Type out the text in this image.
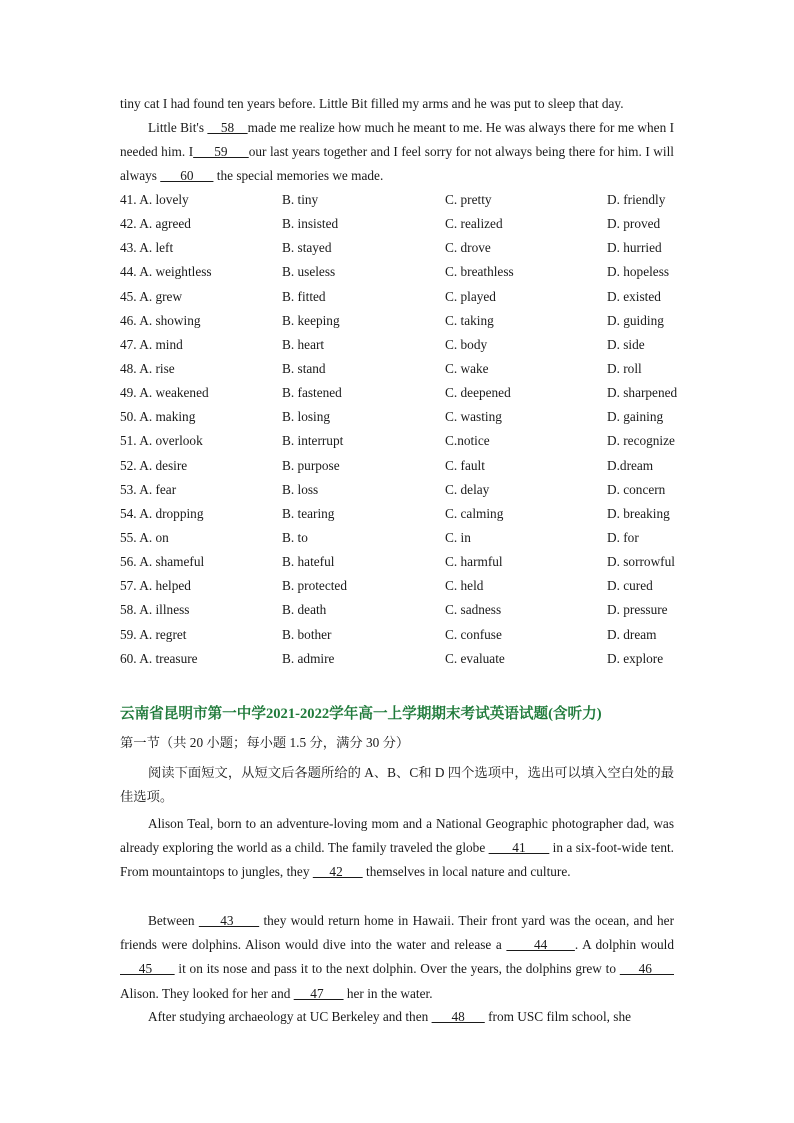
tiny cat I had found ten years before. Little Bit filled my arms and he was put to sleep that day.
Little Bit's     58    made me realize how much he meant to me. He was always there for me when I needed him. I      59      our last years together and I feel sorry for not always being there for him. I will always       60       the special memories we made.
41. A. lovely	B. tiny	C. pretty	D. friendly
42. A. agreed	B. insisted	C. realized	D. proved
43. A. left	B. stayed	C. drove	D. hurried
44. A. weightless	B. useless	C. breathless	D. hopeless
45. A. grew	B. fitted	C. played	D. existed
46. A. showing	B. keeping	C. taking	D. guiding
47. A. mind	B. heart	C. body	D. side
48. A. rise	B. stand	C. wake	D. roll
49. A. weakened	B. fastened	C. deepened	D. sharpened
50. A. making	B. losing	C. wasting	D. gaining
51. A. overlook	B. interrupt	C.notice	D. recognize
52. A. desire	B. purpose	C. fault	D.dream
53. A. fear	B. loss	C. delay	D. concern
54. A. dropping	B. tearing	C. calming	D. breaking
55. A. on	B. to	C. in	D. for
56. A. shameful	B. hateful	C. harmful	D. sorrowful
57. A. helped	B. protected	C. held	D. cured
58. A. illness	B. death	C. sadness	D. pressure
59. A. regret	B. bother	C. confuse	D. dream
60. A. treasure	B. admire	C. evaluate	D. explore
云南省昆明市第一中学2021-2022学年高一上学期期末考试英语试题(含听力)
第一节（共 20 小题；每小题 1.5 分，满分 30 分）
阅读下面短文，从短文后各题所给的 A、B、C和 D 四个选项中，选出可以填入空白处的最佳选项。
Alison Teal, born to an adventure-loving mom and a National Geographic photographer dad, was already exploring the world as a child. The family traveled the globe        41        in a six-foot-wide tent. From mountaintops to jungles, they      42       themselves in local nature and culture.
Between      43       they would return home in Hawaii. Their front yard was the ocean, and her friends were dolphins. Alison would dive into the water and release a       44      . A dolphin would      45       it on its nose and pass it to the next dolphin. Over the years, the dolphins grew to      46       Alison. They looked for her and      47       her in the water.
After studying archaeology at UC Berkeley and then       48       from USC film school, she
